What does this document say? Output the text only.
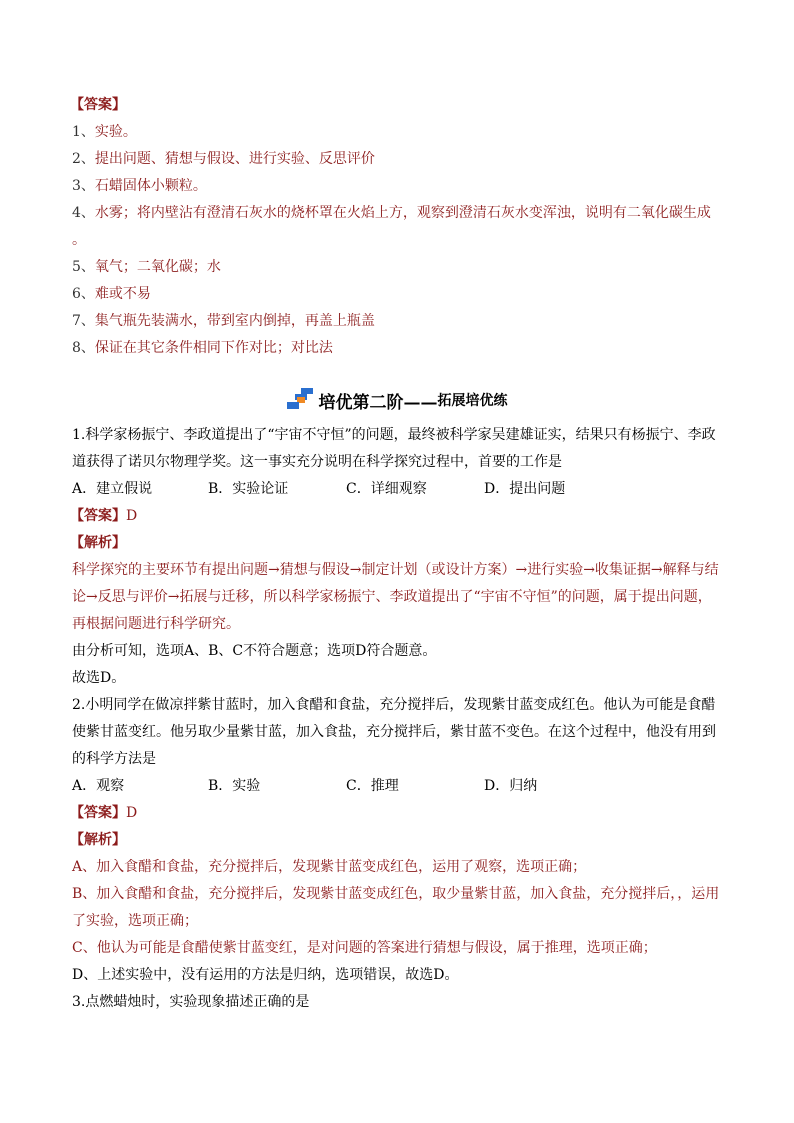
【答案】
1、实验。
2、提出问题、猜想与假设、进行实验、反思评价
3、石蜡固体小颗粒。
4、水雾；将内壁沾有澄清石灰水的烧杯罩在火焰上方，观察到澄清石灰水变浑浊，说明有二氧化碳生成 。
5、氧气；二氧化碳；水
6、难或不易
7、集气瓶先装满水，带到室内倒掉，再盖上瓶盖
8、保证在其它条件相同下作对比；对比法
培优第二阶—— 拓展培优练
1.科学家杨振宁、李政道提出了“宇宙不守恒”的问题，最终被科学家吴建雄证实，结果只有杨振宁、李政道获得了诺贝尔物理学奖。这一事实充分说明在科学探究过程中，首要的工作是
A．建立假说	B．实验论证	C．详细观察	D．提出问题
【答案】D
【解析】
科学探究的主要环节有提出问题→猜想与假设→制定计划（或设计方案）→进行实验→收集证据→解释与结论→反思与评价→拓展与迁移，所以科学家杨振宁、李政道提出了“宇宙不守恒”的问题，属于提出问题，再根据问题进行科学研究。
由分析可知，选项A、B、C不符合题意；选项D符合题意。
故选D。
2.小明同学在做凉拌紫甘蓝时，加入食醋和食盐，充分搅拌后，发现紫甘蓝变成红色。他认为可能是食醋使紫甘蓝变红。他另取少量紫甘蓝，加入食盐，充分搅拌后，紫甘蓝不变色。在这个过程中，他没有用到的科学方法是
A．观察	B．实验	C．推理	D．归纳
【答案】D
【解析】
A、加入食醋和食盐，充分搅拌后，发现紫甘蓝变成红色，运用了观察，选项正确；
B、加入食醋和食盐，充分搅拌后，发现紫甘蓝变成红色，取少量紫甘蓝，加入食盐，充分搅拌后，，运用了实验，选项正确；
C、他认为可能是食醋使紫甘蓝变红，是对问题的答案进行猜想与假设，属于推理，选项正确；
D、上述实验中，没有运用的方法是归纳，选项错误，故选D。
3.点燃蜡烛时，实验现象描述正确的是
